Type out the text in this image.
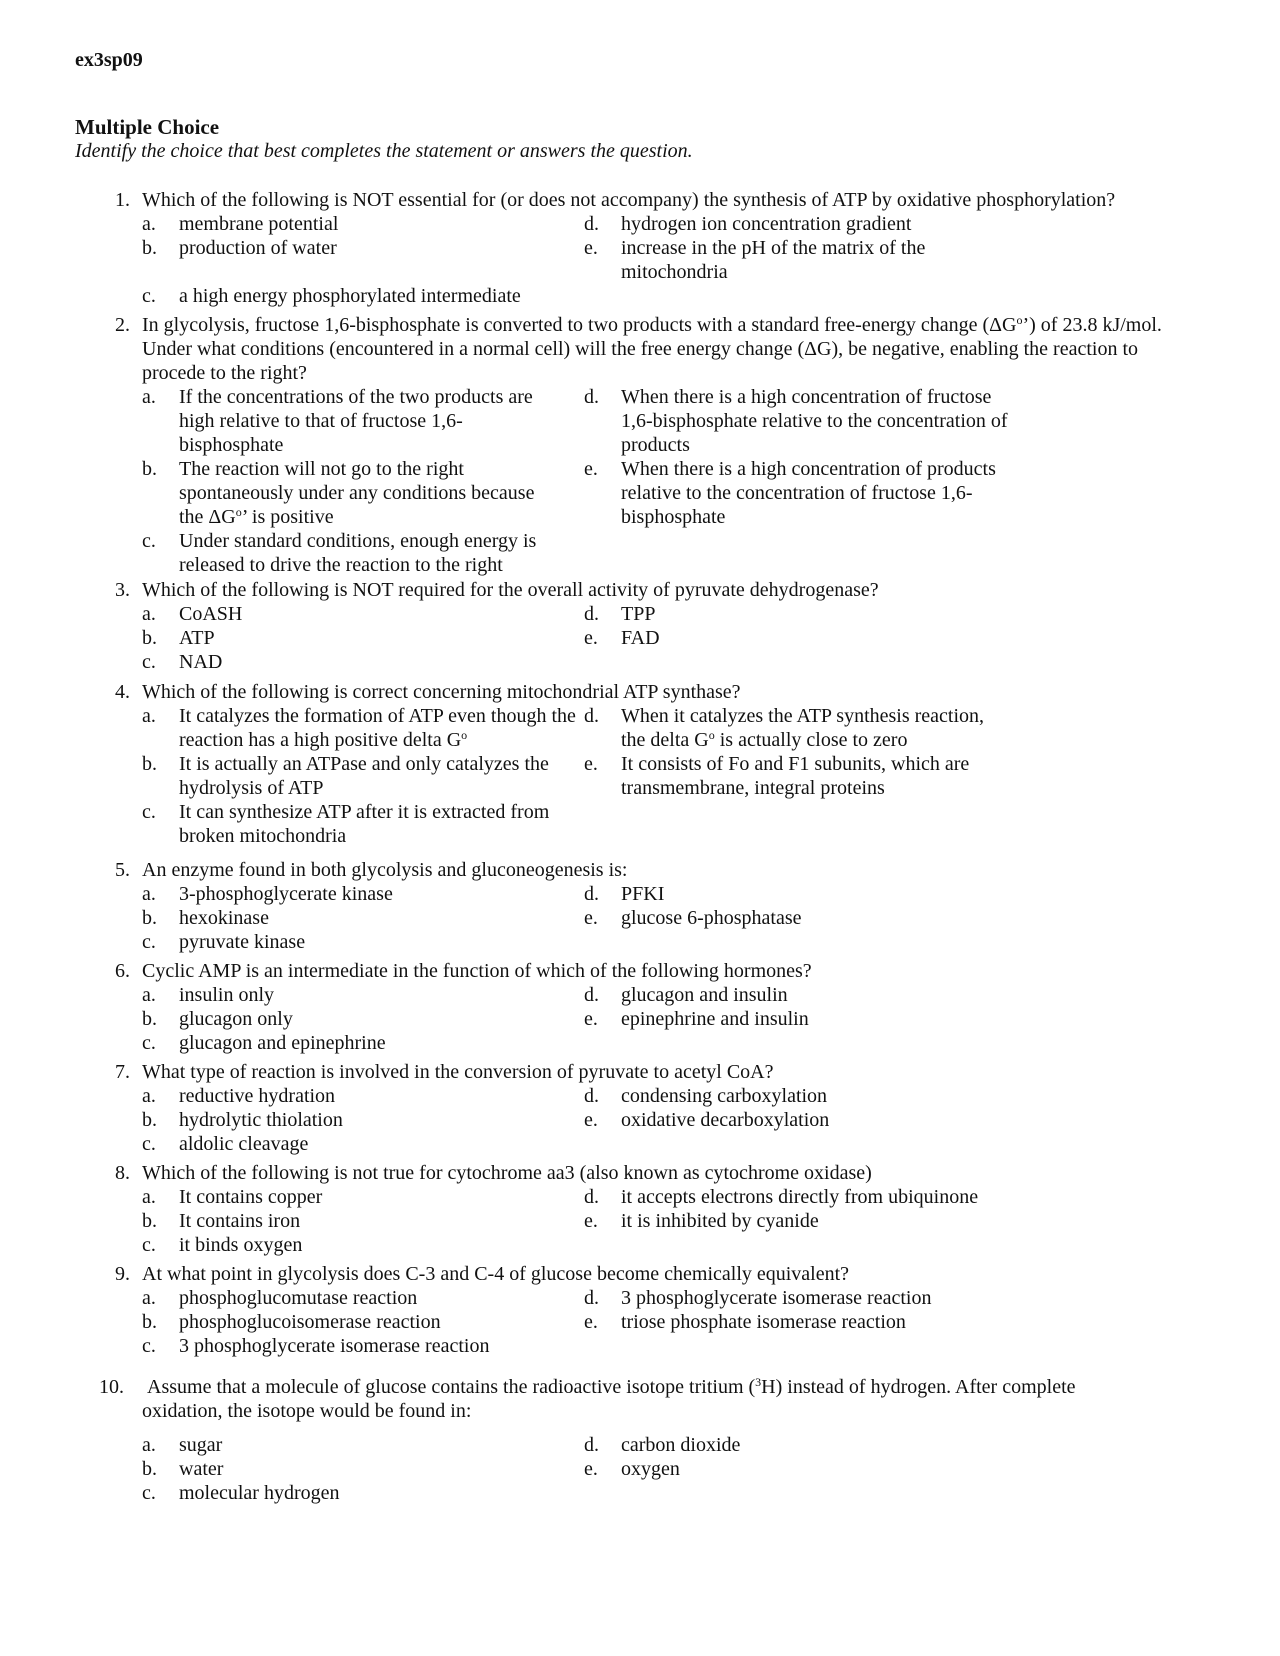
ex3sp09
Multiple Choice
Identify the choice that best completes the statement or answers the question.
1. Which of the following is NOT essential for (or does not accompany) the synthesis of ATP by oxidative phosphorylation?
a.	membrane potential
b.	production of water
c.	a high energy phosphorylated intermediate
d.	hydrogen ion concentration gradient
e.	increase in the pH of the matrix of the mitochondria
2. In glycolysis, fructose 1,6-bisphosphate is converted to two products with a standard free-energy change $(\Delta G^o’)$ of 23.8 kJ/mol. Under what conditions (encountered in a normal cell) will the free energy change (ΔG), be negative, enabling the reaction to procede to the right?
a.	If the concentrations of the two products are high relative to that of fructose 1,6-bisphosphate
b.	The reaction will not go to the right spontaneously under any conditions because the $\Delta G^o$’ is positive
c.	Under standard conditions, enough energy is released to drive the reaction to the right
d.	When there is a high concentration of fructose 1,6-bisphosphate relative to the concentration of products
e.	When there is a high concentration of products relative to the concentration of fructose 1,6-bisphosphate
3. Which of the following is NOT required for the overall activity of pyruvate dehydrogenase?
a.	CoASH
b.	ATP
c.	NAD
d.	TPP
e.	FAD
4. Which of the following is correct concerning mitochondrial ATP synthase?
a.	It catalyzes the formation of ATP even though the reaction has a high positive delta $G^o$
b.	It is actually an ATPase and only catalyzes the hydrolysis of ATP
c.	It can synthesize ATP after it is extracted from broken mitochondria
d.	When it catalyzes the ATP synthesis reaction, the delta $G^o$ is actually close to zero
e.	It consists of Fo and F1 subunits, which are transmembrane, integral proteins
5. An enzyme found in both glycolysis and gluconeogenesis is:
a.	3-phosphoglycerate kinase
b.	hexokinase
c.	pyruvate kinase
d.	PFKI
e.	glucose 6-phosphatase
6. Cyclic AMP is an intermediate in the function of which of the following hormones?
a.	insulin only
b.	glucagon only
c.	glucagon and epinephrine
d.	glucagon and insulin
e.	epinephrine and insulin
7. What type of reaction is involved in the conversion of pyruvate to acetyl CoA?
a.	reductive hydration
b.	hydrolytic thiolation
c.	aldolic cleavage
d.	condensing carboxylation
e.	oxidative decarboxylation
8. Which of the following is not true for cytochrome aa3 (also known as cytochrome oxidase)
a.	It contains copper
b.	It contains iron
c.	it binds oxygen
d.	it accepts electrons directly from ubiquinone
e.	it is inhibited by cyanide
9. At what point in glycolysis does C-3 and C-4 of glucose become chemically equivalent?
a.	phosphoglucomutase reaction
b.	phosphoglucoisomerase reaction
c.	3 phosphoglycerate isomerase reaction
d.	3 phosphoglycerate isomerase reaction
e.	triose phosphate isomerase reaction
10. Assume that a molecule of glucose contains the radioactive isotope tritium ($^3$H) instead of hydrogen. After complete oxidation, the isotope would be found in:
a.	sugar
b.	water
c.	molecular hydrogen
d.	carbon dioxide
e.	oxygen
